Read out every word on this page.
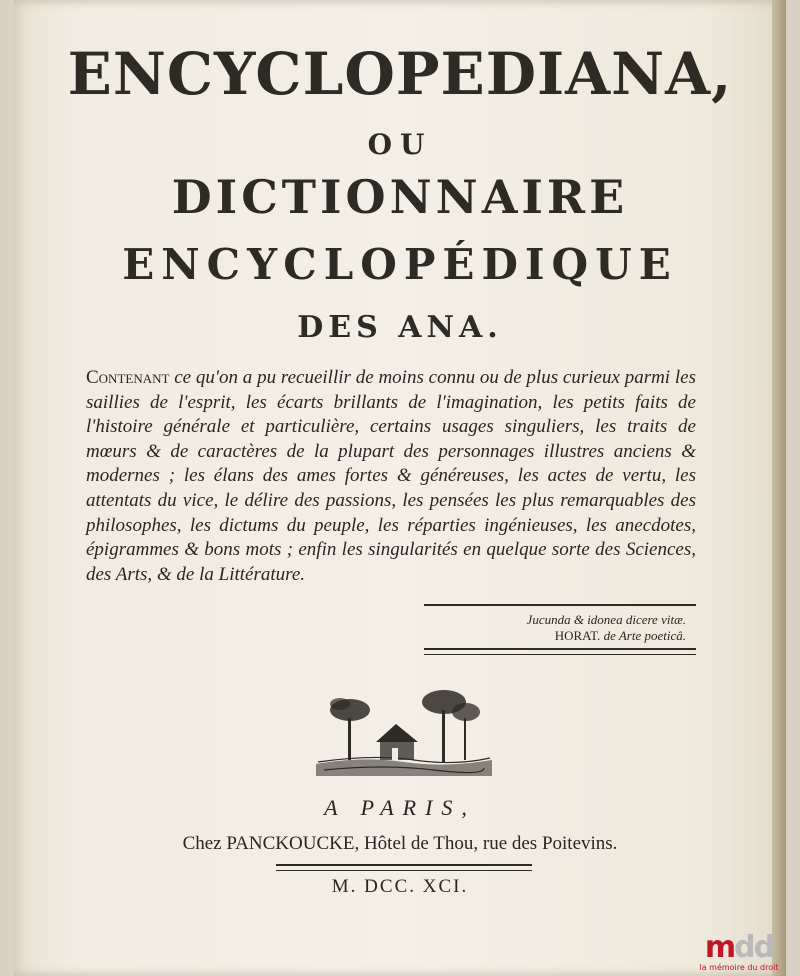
ENCYCLOPEDIANA,
OU
DICTIONNAIRE
ENCYCLOPÉDIQUE
DES ANA.
Contenant ce qu'on a pu recueillir de moins connu ou de plus curieux parmi les saillies de l'esprit, les écarts brillants de l'imagination, les petits faits de l'histoire générale et particulière, certains usages singuliers, les traits de mœurs & de caractères de la plupart des personnages illustres anciens & modernes ; les élans des ames fortes & généreuses, les actes de vertu, les attentats du vice, le délire des passions, les pensées les plus remarquables des philosophes, les dictums du peuple, les réparties ingénieuses, les anecdotes, épigrammes & bons mots ; enfin les singularités en quelque sorte des Sciences, des Arts, & de la Littérature.
Jucunda & idonea dicere vitæ.
HORAT. de Arte poeticâ.
A PARIS,
Chez PANCKOUCKE, Hôtel de Thou, rue des Poitevins.
M. DCC. XCI.
mdd
la mémoire du droit
